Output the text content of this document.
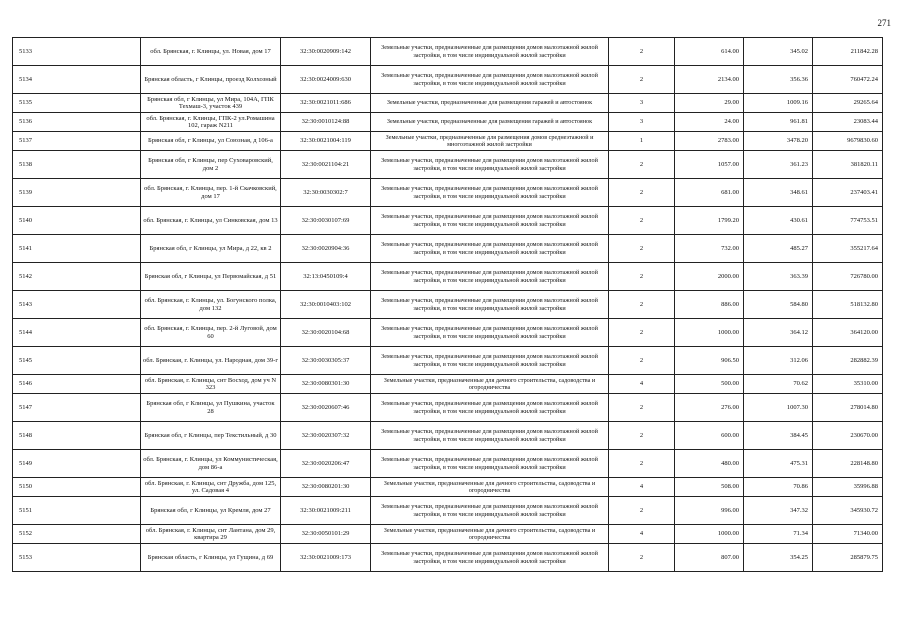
271
5133	обл. Брянская, г. Клинцы, ул. Новая, дом 17	32:30:0020909:142	Земельные участки, предназначенные для размещения домов малоэтажной жилой застройки, в том числе индивидуальной жилой застройки	2	614.00	345.02	211842.28
5134	Брянская область, г Клинцы, проезд Колхозный	32:30:0024009:630	Земельные участки, предназначенные для размещения домов малоэтажной жилой застройки, в том числе индивидуальной жилой застройки	2	2134.00	356.36	760472.24
5135	Брянская обл, г Клинцы, ул Мира, 104А, ГПК Техмаш-3, участок 439	32:30:0021011:686	Земельные участки, предназначенные для размещения гаражей и автостоянок	3	29.00	1009.16	29265.64
5136	обл. Брянская, г. Клинцы, ГПК-2 ул.Ромашина 102, гараж N211	32:30:0010124:88	Земельные участки, предназначенные для размещения гаражей и автостоянок	3	24.00	961.81	23083.44
5137	Брянская обл, г Клинцы, ул Союзная, д 106-а	32:30:0021004:119	Земельные участки, предназначенные для размещения домов среднеэтажной и многоэтажной жилой застройки	1	2783.00	3478.20	9679830.60
5138	Брянская обл, г Клинцы, пер Суховаровский, дом 2	32:30:0021104:21	Земельные участки, предназначенные для размещения домов малоэтажной жилой застройки, в том числе индивидуальной жилой застройки	2	1057.00	361.23	381820.11
5139	обл. Брянская, г. Клинцы, пер. 1-й Скачковский, дом 17	32:30:0030302:7	Земельные участки, предназначенные для размещения домов малоэтажной жилой застройки, в том числе индивидуальной жилой застройки	2	681.00	348.61	237403.41
5140	обл. Брянская, г. Клинцы, ул Синковская, дом 13	32:30:0030107:69	Земельные участки, предназначенные для размещения домов малоэтажной жилой застройки, в том числе индивидуальной жилой застройки	2	1799.20	430.61	774753.51
5141	Брянская обл, г Клинцы, ул Мира, д 22, кв 2	32:30:0020904:36	Земельные участки, предназначенные для размещения домов малоэтажной жилой застройки, в том числе индивидуальной жилой застройки	2	732.00	485.27	355217.64
5142	Брянская обл, г Клинцы, ул Первомайская, д 51	32:13:0450109:4	Земельные участки, предназначенные для размещения домов малоэтажной жилой застройки, в том числе индивидуальной жилой застройки	2	2000.00	363.39	726780.00
5143	обл. Брянская, г. Клинцы, ул. Богунского полка, дом 132	32:30:0010403:102	Земельные участки, предназначенные для размещения домов малоэтажной жилой застройки, в том числе индивидуальной жилой застройки	2	886.00	584.80	518132.80
5144	обл. Брянская, г. Клинцы, пер. 2-й Луговой, дом 60	32:30:0020104:68	Земельные участки, предназначенные для размещения домов малоэтажной жилой застройки, в том числе индивидуальной жилой застройки	2	1000.00	364.12	364120.00
5145	обл. Брянская, г. Клинцы, ул. Народная, дом 39-г	32:30:0030305:37	Земельные участки, предназначенные для размещения домов малоэтажной жилой застройки, в том числе индивидуальной жилой застройки	2	906.50	312.06	282882.39
5146	обл. Брянская, г. Клинцы, снт Восход, дом уч N 323	32:30:0080301:30	Земельные участки, предназначенные для дачного строительства, садоводства и огородничества	4	500.00	70.62	35310.00
5147	Брянская обл, г Клинцы, ул Пушкина, участок 28	32:30:0020607:46	Земельные участки, предназначенные для размещения домов малоэтажной жилой застройки, в том числе индивидуальной жилой застройки	2	276.00	1007.30	278014.80
5148	Брянская обл, г Клинцы, пер Текстильный, д 30	32:30:0020307:32	Земельные участки, предназначенные для размещения домов малоэтажной жилой застройки, в том числе индивидуальной жилой застройки	2	600.00	384.45	230670.00
5149	обл. Брянская, г. Клинцы, ул Коммунистическая, дом 86-а	32:30:0020206:47	Земельные участки, предназначенные для размещения домов малоэтажной жилой застройки, в том числе индивидуальной жилой застройки	2	480.00	475.31	228148.80
5150	обл. Брянская, г. Клинцы, снт Дружба, дом 125, ул. Садовая 4	32:30:0080201:30	Земельные участки, предназначенные для дачного строительства, садоводства и огородничества	4	508.00	70.86	35996.88
5151	Брянская обл, г Клинцы, ул Кремля, дом 27	32:30:0021009:211	Земельные участки, предназначенные для размещения домов малоэтажной жилой застройки, в том числе индивидуальной жилой застройки	2	996.00	347.32	345930.72
5152	обл. Брянская, г. Клинцы, снт Лантана, дом 29, квартира 29	32:30:0050101:29	Земельные участки, предназначенные для дачного строительства, садоводства и огородничества	4	1000.00	71.34	71340.00
5153	Брянская область, г Клинцы, ул Гущина, д 69	32:30:0021009:173	Земельные участки, предназначенные для размещения домов малоэтажной жилой застройки, в том числе индивидуальной жилой застройки	2	807.00	354.25	285879.75
